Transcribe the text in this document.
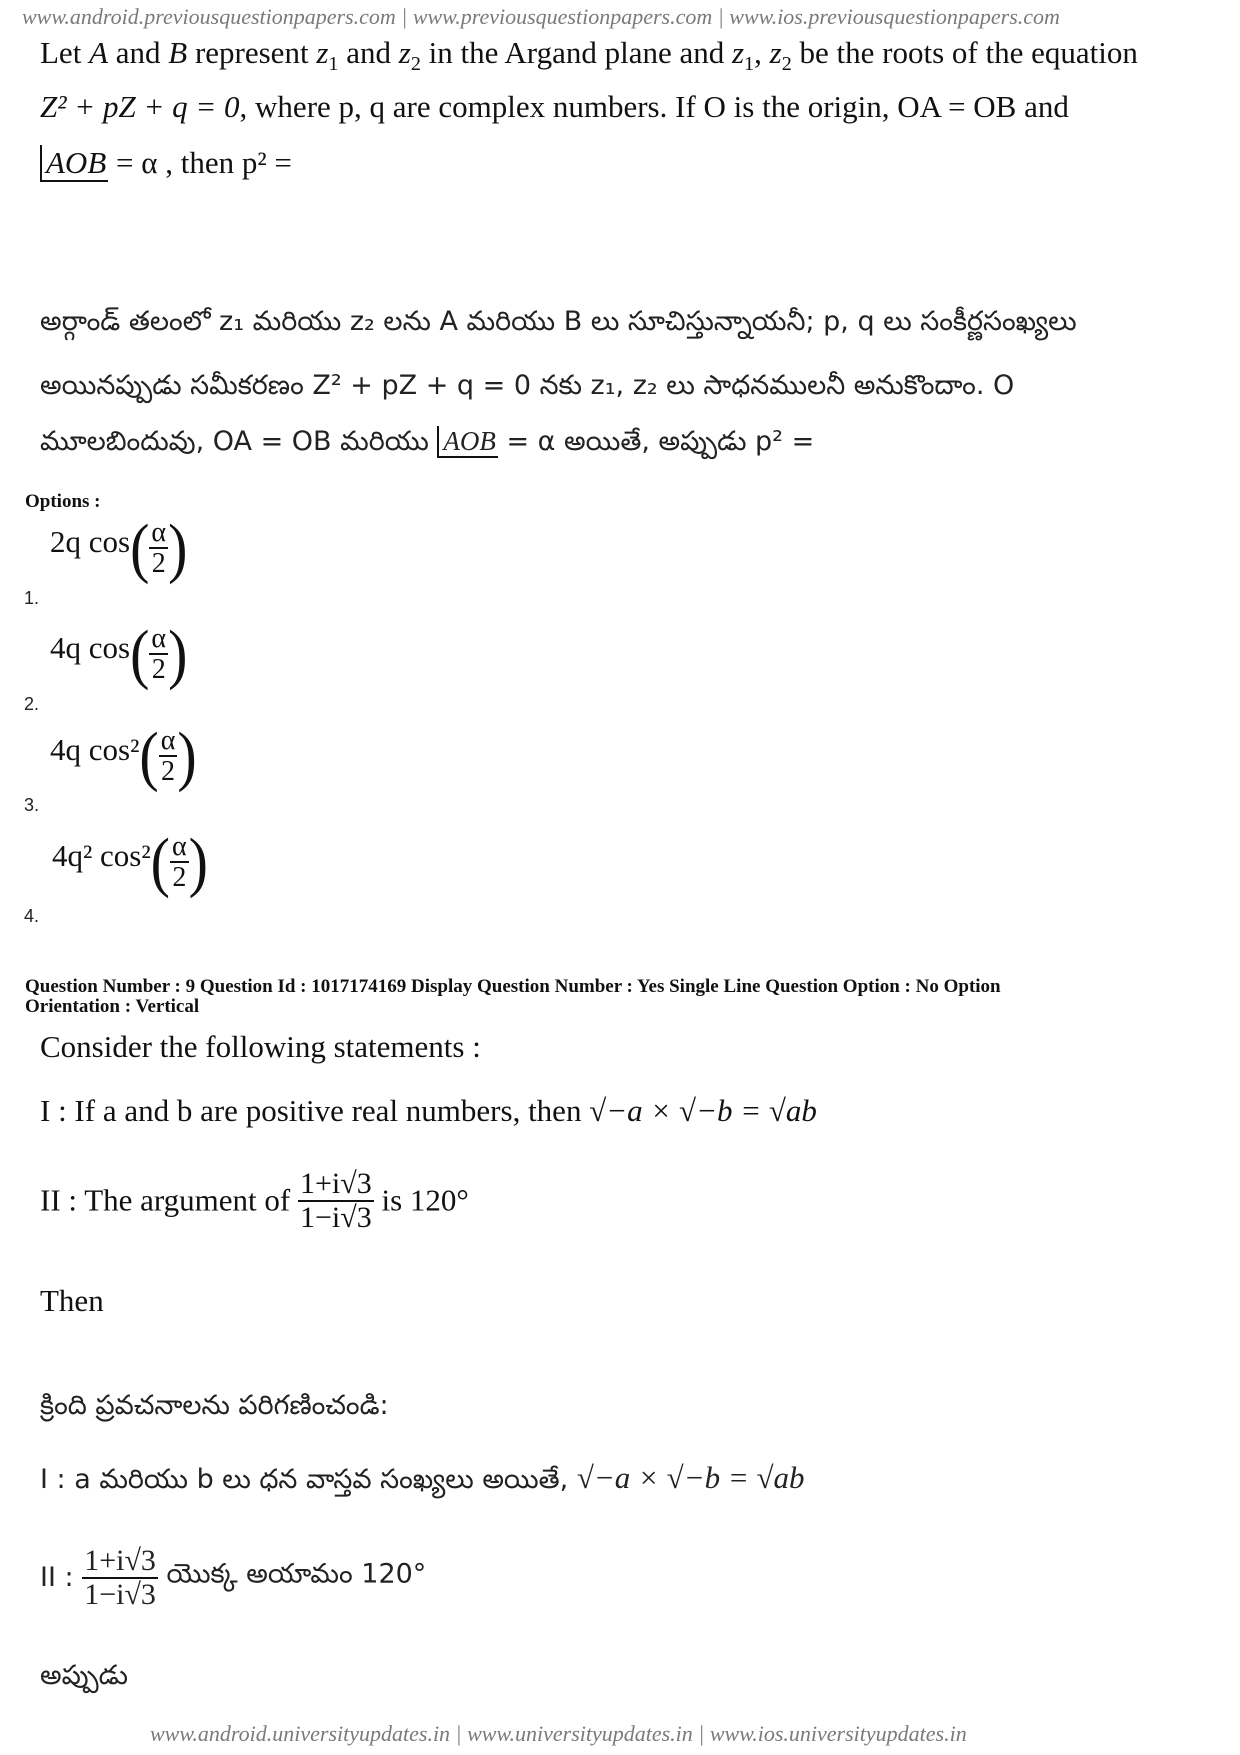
www.android.previousquestionpapers.com | www.previousquestionpapers.com | www.ios.previousquestionpapers.com
www.android.universityupdates.in | www.universityupdates.in | www.ios.universityupdates.in
Let A and B represent $z_1$ and $z_2$ in the Argand plane and $z_1$, $z_2$ be the roots of the equation
Z² + pZ + q = 0, where p, q are complex numbers. If O is the origin, OA = OB and
AOB = α , then p² =
అర్గాండ్ తలంలో z₁ మరియు z₂ లను A మరియు B లు సూచిస్తున్నాయనీ; p, q లు సంకీర్ణసంఖ్యలు
అయినప్పుడు సమీకరణం Z² + pZ + q = 0 నకు z₁, z₂ లు సాధనములనీ అనుకొందాం. O
మూలబిందువు, OA = OB మరియు AOB = α అయితే, అప్పుడు p² =
Options :
2q $\cos( \frac{\alpha}{2}$ )
1.
4q $\cos( \frac{\alpha}{2}$ )
2.
4q $\cos^2( \frac{\alpha}{2}$ )
3.
4q² $\cos^2( \frac{\alpha}{2}$ )
4.
Question Number : 9 Question Id : 1017174169 Display Question Number : Yes Single Line Question Option : No Option
Orientation : Vertical
Consider the following statements :
I : If a and b are positive real numbers, then √−a × √−b = √ab
II : The argument of $\frac{1+i√3}{1-i√3}$ is 120°
Then
క్రింది ప్రవచనాలను పరిగణించండి:
I : a మరియు b లు ధన వాస్తవ సంఖ్యలు అయితే, √−a × √−b = √ab
II : $\frac{1+i√3}{1-i√3}$ యొక్క అయామం 120°
అప్పుడు
